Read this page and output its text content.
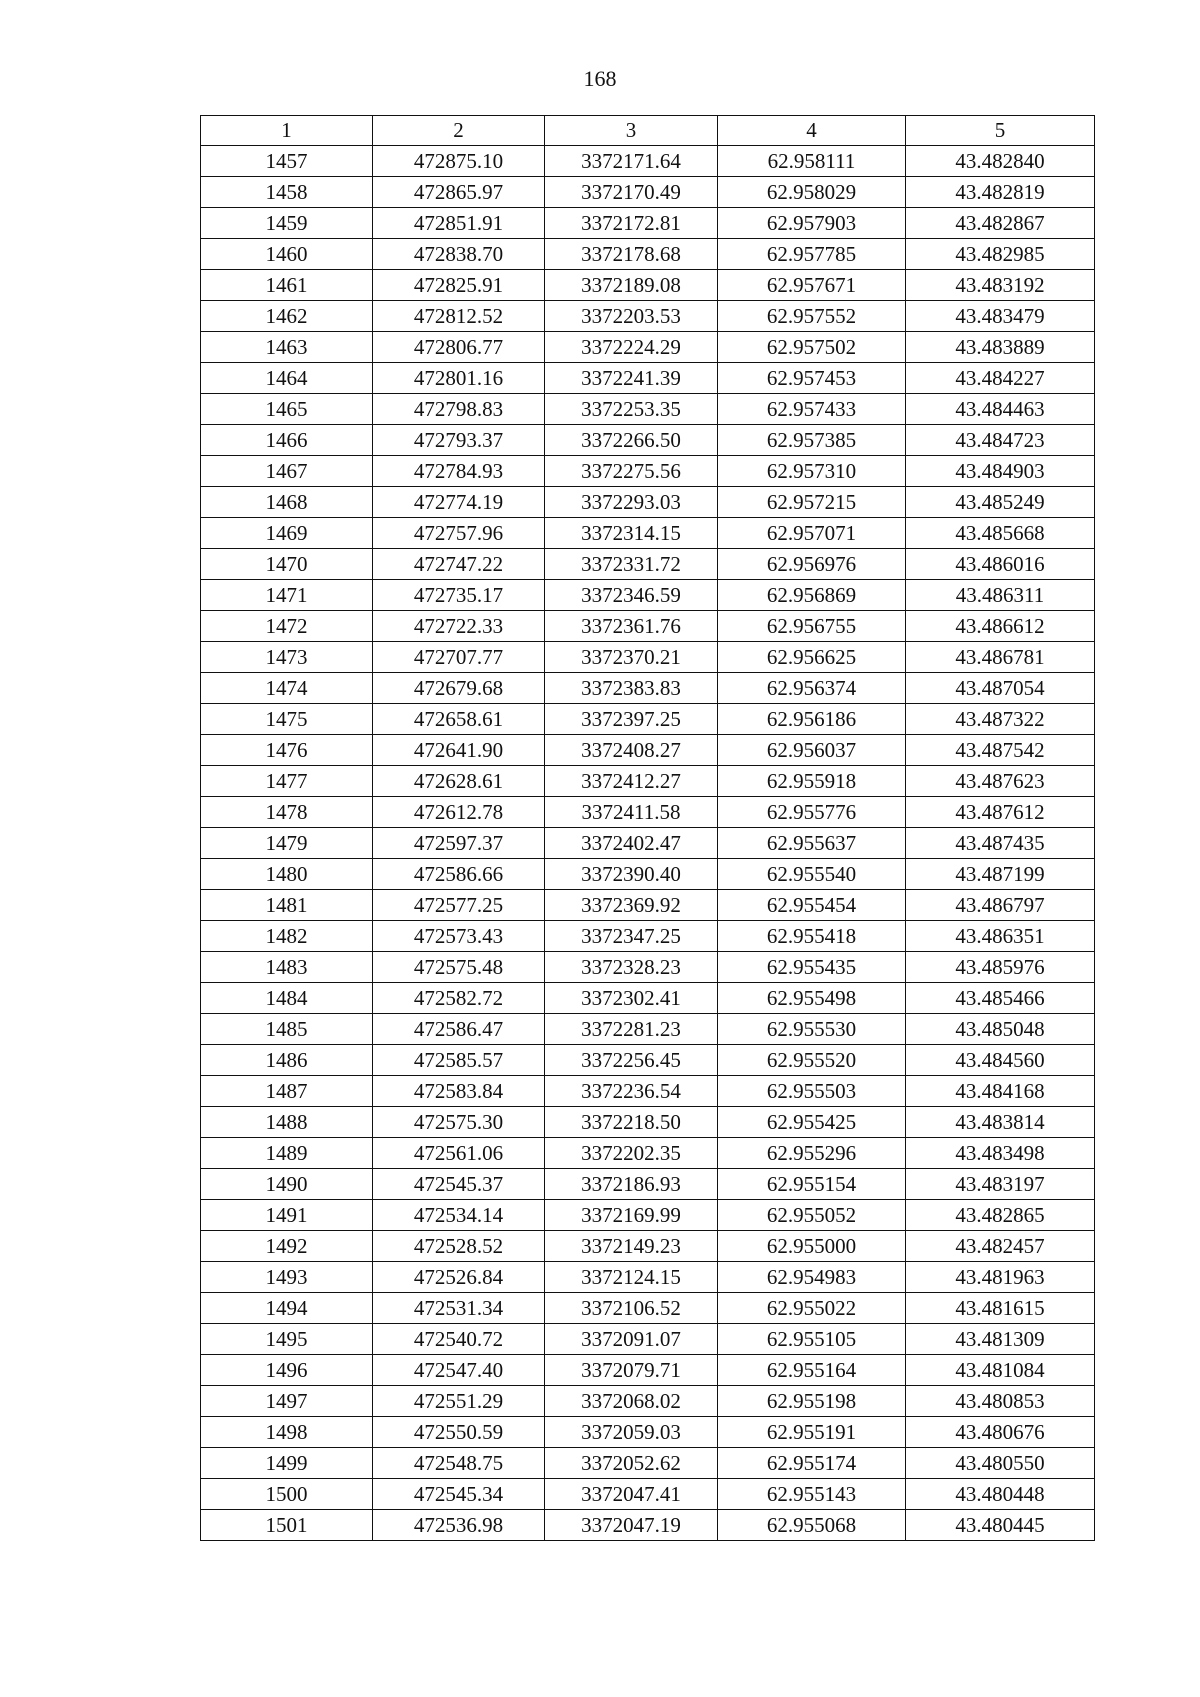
168
1	2	3	4	5
1457	472875.10	3372171.64	62.958111	43.482840
1458	472865.97	3372170.49	62.958029	43.482819
1459	472851.91	3372172.81	62.957903	43.482867
1460	472838.70	3372178.68	62.957785	43.482985
1461	472825.91	3372189.08	62.957671	43.483192
1462	472812.52	3372203.53	62.957552	43.483479
1463	472806.77	3372224.29	62.957502	43.483889
1464	472801.16	3372241.39	62.957453	43.484227
1465	472798.83	3372253.35	62.957433	43.484463
1466	472793.37	3372266.50	62.957385	43.484723
1467	472784.93	3372275.56	62.957310	43.484903
1468	472774.19	3372293.03	62.957215	43.485249
1469	472757.96	3372314.15	62.957071	43.485668
1470	472747.22	3372331.72	62.956976	43.486016
1471	472735.17	3372346.59	62.956869	43.486311
1472	472722.33	3372361.76	62.956755	43.486612
1473	472707.77	3372370.21	62.956625	43.486781
1474	472679.68	3372383.83	62.956374	43.487054
1475	472658.61	3372397.25	62.956186	43.487322
1476	472641.90	3372408.27	62.956037	43.487542
1477	472628.61	3372412.27	62.955918	43.487623
1478	472612.78	3372411.58	62.955776	43.487612
1479	472597.37	3372402.47	62.955637	43.487435
1480	472586.66	3372390.40	62.955540	43.487199
1481	472577.25	3372369.92	62.955454	43.486797
1482	472573.43	3372347.25	62.955418	43.486351
1483	472575.48	3372328.23	62.955435	43.485976
1484	472582.72	3372302.41	62.955498	43.485466
1485	472586.47	3372281.23	62.955530	43.485048
1486	472585.57	3372256.45	62.955520	43.484560
1487	472583.84	3372236.54	62.955503	43.484168
1488	472575.30	3372218.50	62.955425	43.483814
1489	472561.06	3372202.35	62.955296	43.483498
1490	472545.37	3372186.93	62.955154	43.483197
1491	472534.14	3372169.99	62.955052	43.482865
1492	472528.52	3372149.23	62.955000	43.482457
1493	472526.84	3372124.15	62.954983	43.481963
1494	472531.34	3372106.52	62.955022	43.481615
1495	472540.72	3372091.07	62.955105	43.481309
1496	472547.40	3372079.71	62.955164	43.481084
1497	472551.29	3372068.02	62.955198	43.480853
1498	472550.59	3372059.03	62.955191	43.480676
1499	472548.75	3372052.62	62.955174	43.480550
1500	472545.34	3372047.41	62.955143	43.480448
1501	472536.98	3372047.19	62.955068	43.480445
